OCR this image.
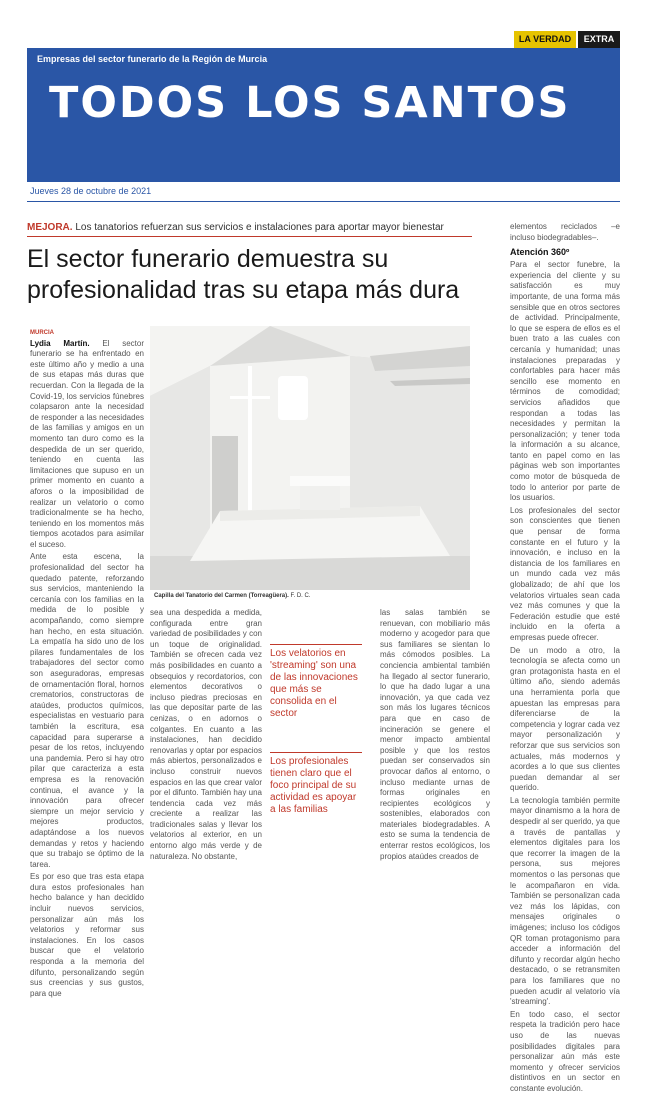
LA VERDAD	EXTRA
Empresas del sector funerario de la Región de Murcia
TODOS LOS SANTOS
Jueves 28 de octubre de 2021
MEJORA. Los tanatorios refuerzan sus servicios e instalaciones para aportar mayor bienestar
El sector funerario demuestra su profesionalidad tras su etapa más dura
MURCIA

Lydia Martín. El sector funerario se ha enfrentado en este último año y medio a una de sus etapas más duras que recuerdan. Con la llegada de la Covid-19, los servicios fúnebres colapsaron ante la necesidad de responder a las necesidades de las familias y amigos en un momento tan duro como es la despedida de un ser querido, teniendo en cuenta las limitaciones que supuso en un primer momento en cuanto a aforos o la imposibilidad de realizar un velatorio o como tradicionalmente se ha hecho, teniendo en los momentos más tiempos acotados para asimilar el suceso.

Ante esta escena, la profesionalidad del sector ha quedado patente, reforzando sus servicios, manteniendo la cercanía con los familias en la medida de lo posible y acompañando, como siempre han hecho, en esta situación. La empatía ha sido uno de los pilares fundamentales de los trabajadores del sector como son aseguradoras, empresas de ornamentación floral, hornos crematorios, constructoras de ataúdes, productos químicos, especialistas en vestuario para también la escritura, esa capacidad para superarse a pesar de los retos, incluyendo una pandemia. Pero si hay otro pilar que caracteriza a esta empresa es la renovación continua, el avance y la innovación para ofrecer siempre un mejor servicio y mejores productos, adaptándose a los nuevos demandas y retos y haciendo que su trabajo se óptimo de la tarea.

Es por eso que tras esta etapa dura estos profesionales han hecho balance y han decidido incluir nuevos servicios, personalizar aún más los velatorios y reformar sus instalaciones. En los casos buscar que el velatorio responda a la memoria del difunto, personalizando según sus creencias y sus gustos, para que

Capilla del Tanatorio del Carmen (Torreagüera). F. D. C.

sea una despedida a medida, configurada entre gran variedad de posibilidades y con un toque de originalidad. También se ofrecen cada vez más posibilidades en cuanto a obsequios y recordatorios, con elementos decorativos o incluso piedras preciosas en las que depositar parte de las cenizas, o en adornos o colgantes. En cuanto a las instalaciones, han decidido renovarlas y optar por espacios más abiertos, personalizados e incluso construir nuevos espacios en las que crear valor por el difunto. También hay una tendencia cada vez más creciente a realizar las tradicionales salas y llevar los velatorios al exterior, en un entorno algo más verde y de naturaleza. No obstante,

Los velatorios en 'streaming' son una de las innovaciones que más se consolida en el sector
Los profesionales tienen claro que el foco principal de su actividad es apoyar a las familias

las salas también se renuevan, con mobiliario más moderno y acogedor para que sus familiares se sientan lo más cómodos posibles. La conciencia ambiental también ha llegado al sector funerario, lo que ha dado lugar a una innovación, ya que cada vez son más los lugares técnicos para que en caso de incineración se genere el menor impacto ambiental posible y que los restos puedan ser conservados sin provocar daños al entorno, o incluso mediante urnas de formas originales en recipientes ecológicos y sostenibles, elaborados con materiales biodegradables. A esto se suma la tendencia de enterrar restos ecológicos, los propios ataúdes creados de

elementos reciclados –e incluso biodegradables–.

Atención 360º

Para el sector funebre, la experiencia del cliente y su satisfacción es muy importante, de una forma más sensible que en otros sectores de actividad. Principalmente, lo que se espera de ellos es el buen trato a las cuales con cercanía y humanidad; unas instalaciones preparadas y confortables para hacer más sencillo ese momento en términos de comodidad; servicios añadidos que respondan a todas las necesidades y permitan la personalización; y tener toda la información a su alcance, tanto en papel como en las páginas web son importantes como motor de búsqueda de todo lo anterior por parte de los usuarios.

Los profesionales del sector son conscientes que tienen que pensar de forma constante en el futuro y la innovación, e incluso en la distancia de los familiares en un mundo cada vez más globalizado; de ahí que los velatorios virtuales sean cada vez más comunes y que la Federación estudie que esté incluido en la oferta a empresas puede ofrecer.

De un modo a otro, la tecnología se afecta como un gran protagonista hasta en el último año, siendo además una herramienta porla que apuestan las empresas para diferenciarse de la competencia y lograr cada vez mayor personalización y reforzar que sus servicios son actuales, más modernos y acordes a lo que sus clientes puedan demandar al ser querido.

La tecnología también permite mayor dinamismo a la hora de despedir al ser querido, ya que a través de pantallas y elementos digitales para los que recorrer la imagen de la persona, sus mejores momentos o las personas que le acompañaron en vida. También se personalizan cada vez más los lápidas, con mensajes originales o imágenes; incluso los códigos QR toman protagonismo para acceder a información del difunto y recordar algún hecho destacado, o se retransmiten para los familiares que no pueden acudir al velatorio vía 'streaming'.

En todo caso, el sector respeta la tradición pero hace uso de las nuevas posibilidades digitales para personalizar aún más este momento y ofrecer servicios distintivos en un sector en constante evolución.
